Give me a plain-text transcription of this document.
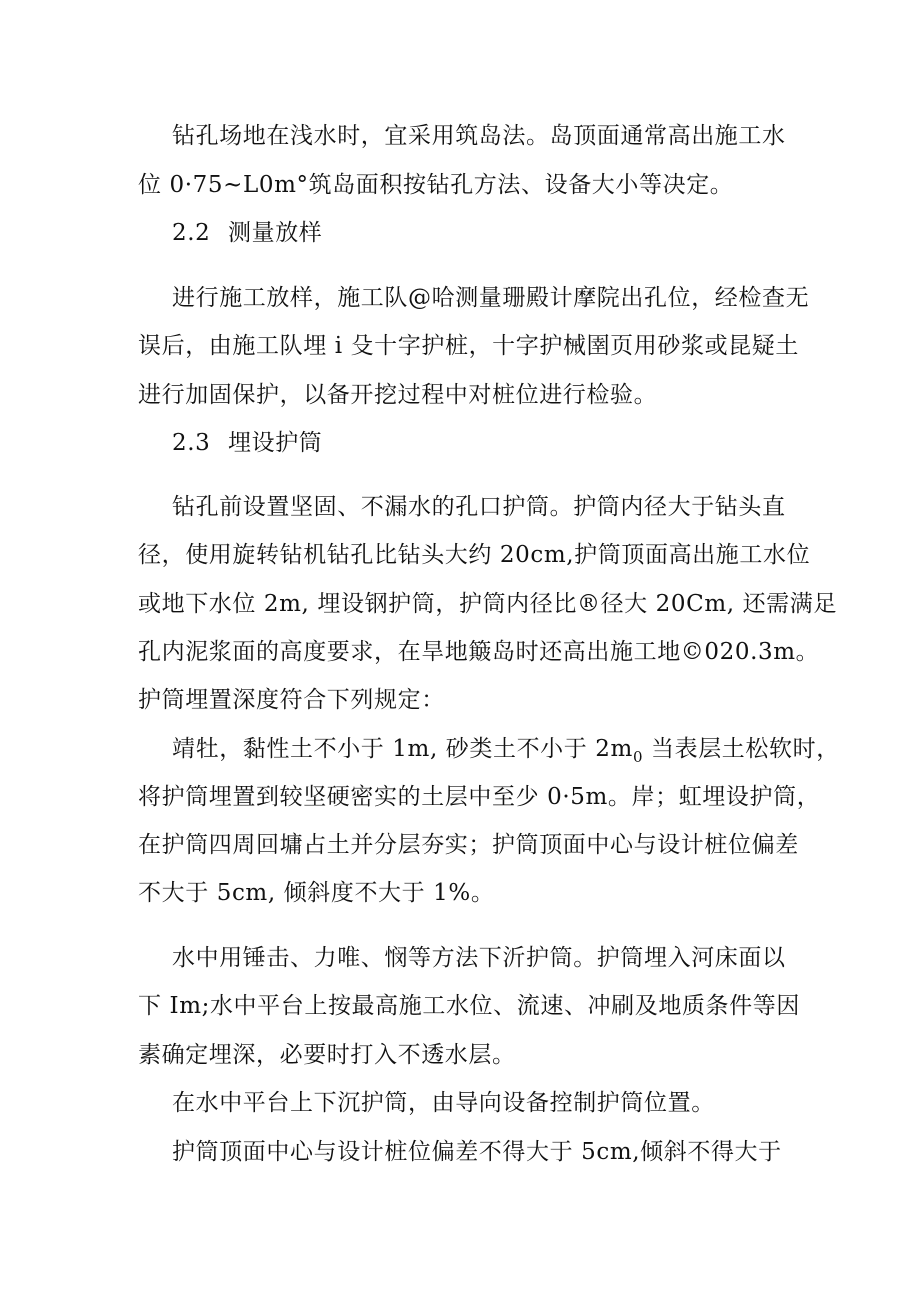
钻孔场地在浅水时，宜采用筑岛法。岛顶面通常高出施工水
位 0·75~L0m°筑岛面积按钻孔方法、设备大小等决定。
2.2 测量放样
进行施工放样，施工队@哈测量珊殿计摩院出孔位，经检查无
误后，由施工队埋 i 殳十字护桩，十字护械圉页用砂浆或昆疑土
进行加固保护，以备开挖过程中对桩位进行检验。
2.3 埋设护筒
钻孔前设置坚固、不漏水的孔口护筒。护筒内径大于钻头直
径，使用旋转钻机钻孔比钻头大约 20cm,护筒顶面高出施工水位
或地下水位 2m, 埋设钢护筒，护筒内径比®径大 20Cm, 还需满足
孔内泥浆面的高度要求，在旱地簸岛时还高出施工地©020.3m。
护筒埋置深度符合下列规定：
靖牡，黏性土不小于 1m, 砂类土不小于 $2m_0$ 当表层土松软时，
将护筒埋置到较坚硬密实的土层中至少 0·5m。岸；虹埋设护筒，
在护筒四周回墉占土并分层夯实；护筒顶面中心与设计桩位偏差
不大于 5cm, 倾斜度不大于 1%。
水中用锤击、力唯、悯等方法下沂护筒。护筒埋入河床面以
下 Im;水中平台上按最高施工水位、流速、冲刷及地质条件等因
素确定埋深，必要时打入不透水层。
在水中平台上下沉护筒，由导向设备控制护筒位置。
护筒顶面中心与设计桩位偏差不得大于 5cm,倾斜不得大于
